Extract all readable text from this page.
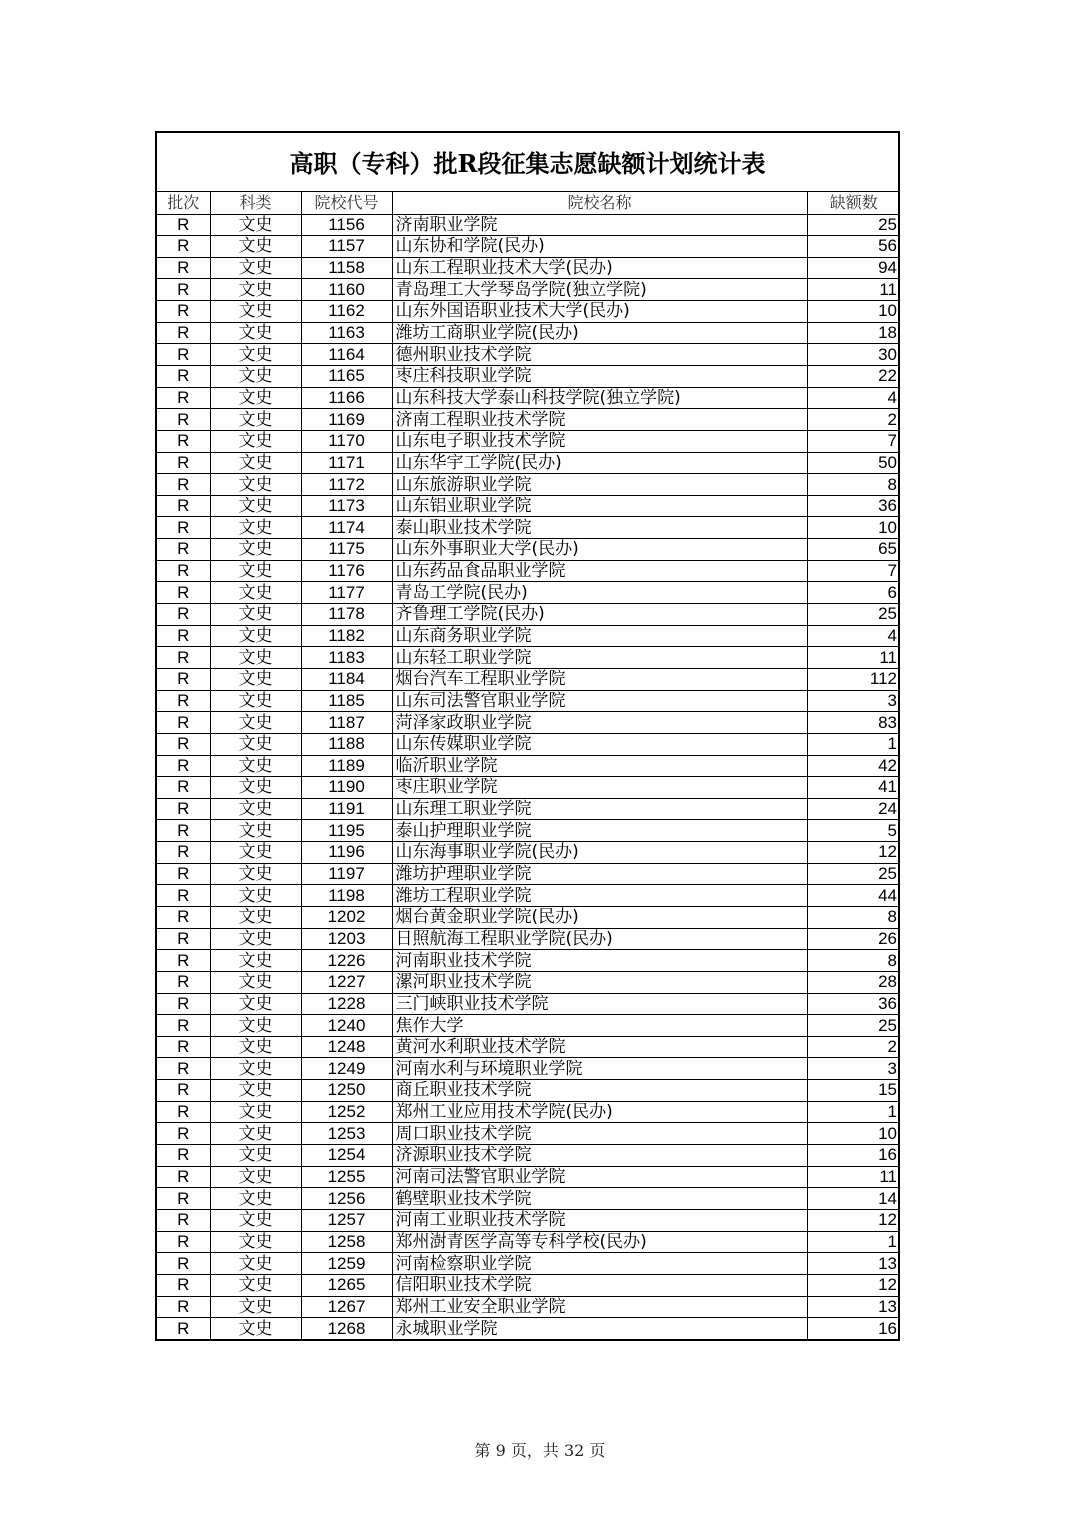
高职（专科）批R段征集志愿缺额计划统计表
批次	科类	院校代号	院校名称	缺额数
R	文史	1156	济南职业学院	25
R	文史	1157	山东协和学院(民办)	56
R	文史	1158	山东工程职业技术大学(民办)	94
R	文史	1160	青岛理工大学琴岛学院(独立学院)	11
R	文史	1162	山东外国语职业技术大学(民办)	10
R	文史	1163	潍坊工商职业学院(民办)	18
R	文史	1164	德州职业技术学院	30
R	文史	1165	枣庄科技职业学院	22
R	文史	1166	山东科技大学泰山科技学院(独立学院)	4
R	文史	1169	济南工程职业技术学院	2
R	文史	1170	山东电子职业技术学院	7
R	文史	1171	山东华宇工学院(民办)	50
R	文史	1172	山东旅游职业学院	8
R	文史	1173	山东铝业职业学院	36
R	文史	1174	泰山职业技术学院	10
R	文史	1175	山东外事职业大学(民办)	65
R	文史	1176	山东药品食品职业学院	7
R	文史	1177	青岛工学院(民办)	6
R	文史	1178	齐鲁理工学院(民办)	25
R	文史	1182	山东商务职业学院	4
R	文史	1183	山东轻工职业学院	11
R	文史	1184	烟台汽车工程职业学院	112
R	文史	1185	山东司法警官职业学院	3
R	文史	1187	菏泽家政职业学院	83
R	文史	1188	山东传媒职业学院	1
R	文史	1189	临沂职业学院	42
R	文史	1190	枣庄职业学院	41
R	文史	1191	山东理工职业学院	24
R	文史	1195	泰山护理职业学院	5
R	文史	1196	山东海事职业学院(民办)	12
R	文史	1197	潍坊护理职业学院	25
R	文史	1198	潍坊工程职业学院	44
R	文史	1202	烟台黄金职业学院(民办)	8
R	文史	1203	日照航海工程职业学院(民办)	26
R	文史	1226	河南职业技术学院	8
R	文史	1227	漯河职业技术学院	28
R	文史	1228	三门峡职业技术学院	36
R	文史	1240	焦作大学	25
R	文史	1248	黄河水利职业技术学院	2
R	文史	1249	河南水利与环境职业学院	3
R	文史	1250	商丘职业技术学院	15
R	文史	1252	郑州工业应用技术学院(民办)	1
R	文史	1253	周口职业技术学院	10
R	文史	1254	济源职业技术学院	16
R	文史	1255	河南司法警官职业学院	11
R	文史	1256	鹤壁职业技术学院	14
R	文史	1257	河南工业职业技术学院	12
R	文史	1258	郑州澍青医学高等专科学校(民办)	1
R	文史	1259	河南检察职业学院	13
R	文史	1265	信阳职业技术学院	12
R	文史	1267	郑州工业安全职业学院	13
R	文史	1268	永城职业学院	16
第 9 页，共 32 页
